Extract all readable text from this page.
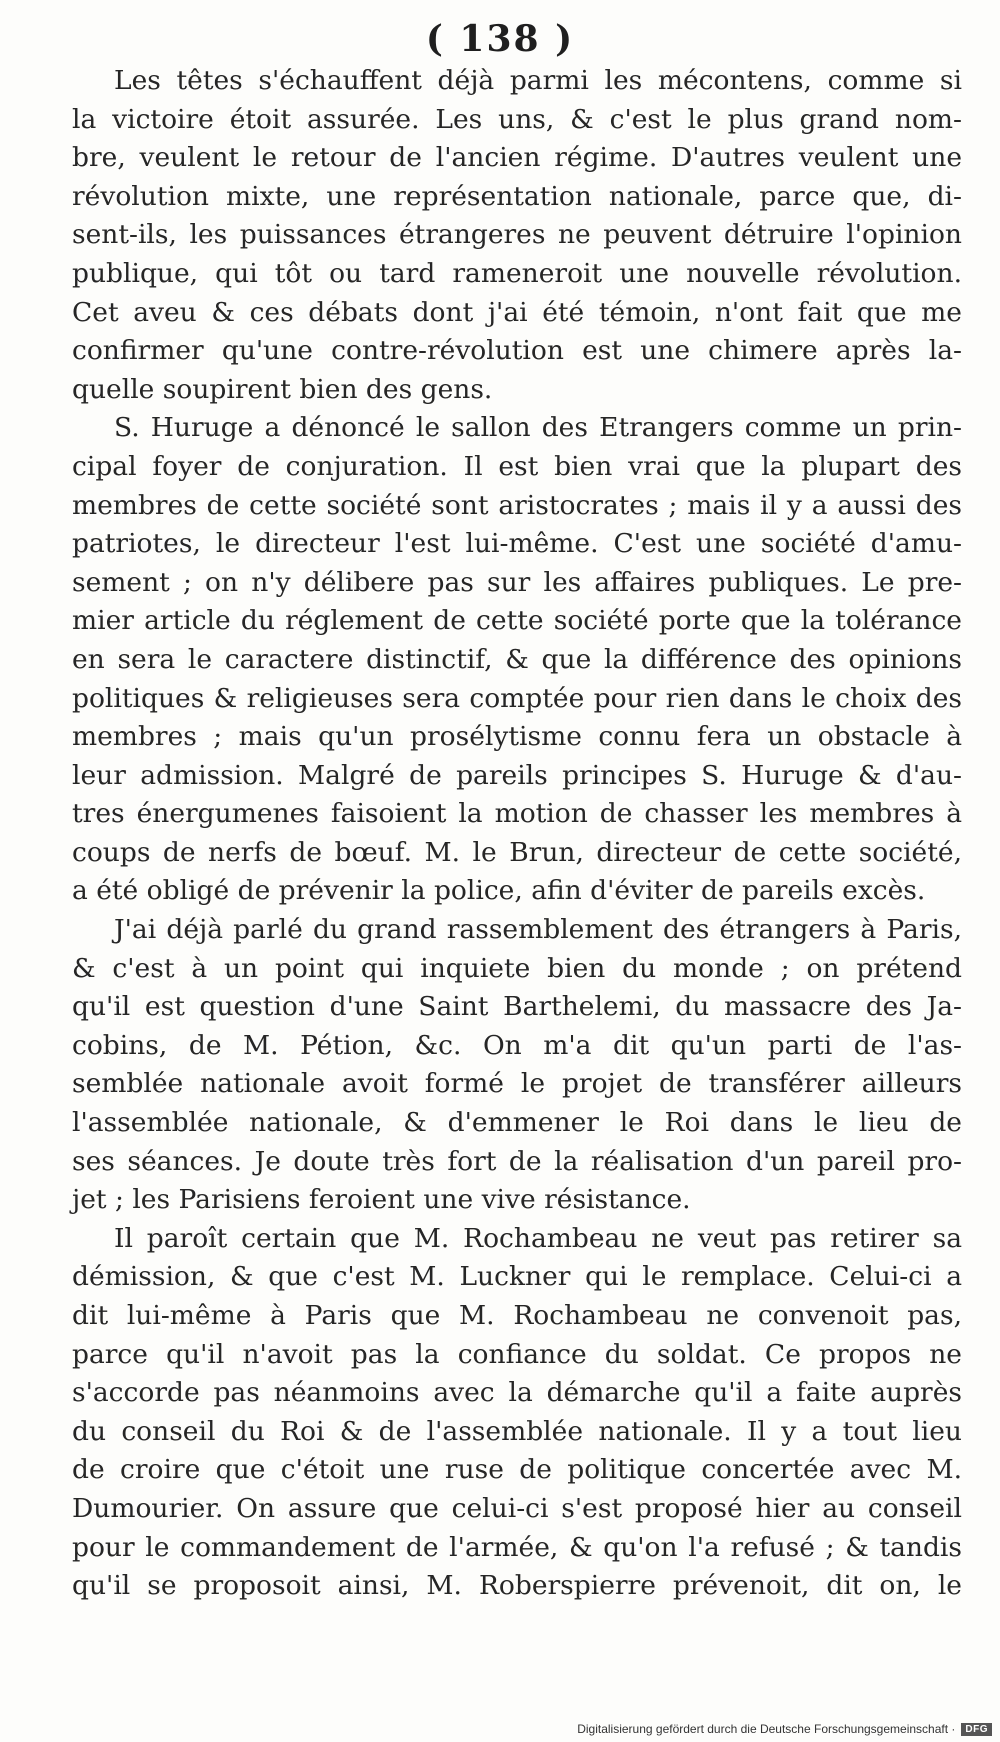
( 138 )
Les têtes s'échauffent déjà parmi les mécontens, comme si
la victoire étoit assurée. Les uns, & c'est le plus grand nom-
bre, veulent le retour de l'ancien régime. D'autres veulent une
révolution mixte, une représentation nationale, parce que, di-
sent-ils, les puissances étrangeres ne peuvent détruire l'opinion
publique, qui tôt ou tard rameneroit une nouvelle révolution.
Cet aveu & ces débats dont j'ai été témoin, n'ont fait que me
confirmer qu'une contre-révolution est une chimere après la-
quelle soupirent bien des gens.
S. Huruge a dénoncé le sallon des Etrangers comme un prin-
cipal foyer de conjuration. Il est bien vrai que la plupart des
membres de cette société sont aristocrates ; mais il y a aussi des
patriotes, le directeur l'est lui-même. C'est une société d'amu-
sement ; on n'y délibere pas sur les affaires publiques. Le pre-
mier article du réglement de cette société porte que la tolérance
en sera le caractere distinctif, & que la différence des opinions
politiques & religieuses sera comptée pour rien dans le choix des
membres ; mais qu'un prosélytisme connu fera un obstacle à
leur admission. Malgré de pareils principes S. Huruge & d'au-
tres énergumenes faisoient la motion de chasser les membres à
coups de nerfs de bœuf. M. le Brun, directeur de cette société,
a été obligé de prévenir la police, afin d'éviter de pareils excès.
J'ai déjà parlé du grand rassemblement des étrangers à Paris,
& c'est à un point qui inquiete bien du monde ; on prétend
qu'il est question d'une Saint Barthelemi, du massacre des Ja-
cobins, de M. Pétion, &c. On m'a dit qu'un parti de l'as-
semblée nationale avoit formé le projet de transférer ailleurs
l'assemblée nationale, & d'emmener le Roi dans le lieu de
ses séances. Je doute très fort de la réalisation d'un pareil pro-
jet ; les Parisiens feroient une vive résistance.
Il paroît certain que M. Rochambeau ne veut pas retirer sa
démission, & que c'est M. Luckner qui le remplace. Celui-ci a
dit lui-même à Paris que M. Rochambeau ne convenoit pas,
parce qu'il n'avoit pas la confiance du soldat. Ce propos ne
s'accorde pas néanmoins avec la démarche qu'il a faite auprès
du conseil du Roi & de l'assemblée nationale. Il y a tout lieu
de croire que c'étoit une ruse de politique concertée avec M.
Dumourier. On assure que celui-ci s'est proposé hier au conseil
pour le commandement de l'armée, & qu'on l'a refusé ; & tandis
qu'il se proposoit ainsi, M. Roberspierre prévenoit, dit on, le
Digitalisierung gefördert durch die Deutsche Forschungsgemeinschaft ·	DFG
